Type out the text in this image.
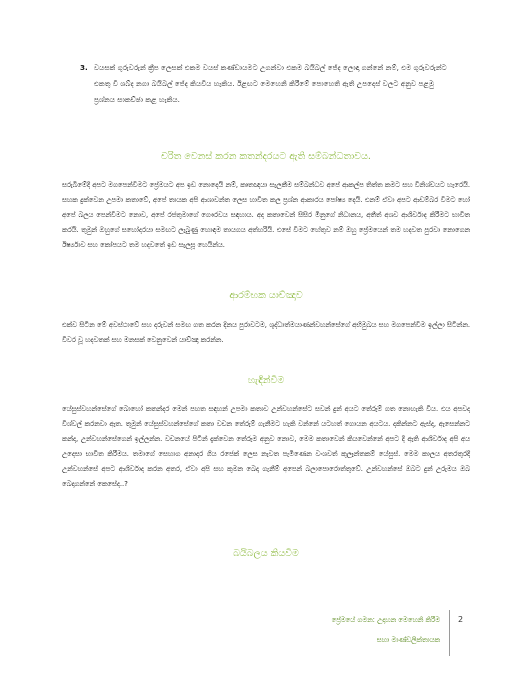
3. වයසක් ගුරුවරුන් ක්‍රීප ලෙසක් එකම වයස් කණ්ඩායමට උගන්වා එකම බයිබල් ජේද ලොඳා ගන්නේ නම්, එම ගුරුවරුන්ට එකතු වී ශබ්ද නගා බයිබල් ජේද කියවිය හැකිය. ඊළඟට මෙහෙනි කිරීමේ පොහෙති ඇති උපදෙස් වලට අනුව පළමු ප්‍රශ්නය සාකච්ඡා කළ හැකිය.
චරිත වෙනස් කරන කතන්දරයට ඇති සම්බන්ධතාවය.
සරුබිමේදී අපට මගපෙන්වීමට ප්‍රේමයට අප ඉඩ නොදෙයි නම්, කෘතඥයා සැලකීම සම්බන්ධව අපේ ආකල්ප තිත්ත කමට සහ විනිශ්චයට හැරෙයි. සහක දුක්වෙන උපමා කතාවේ, අපේ තායක අපි ආශාවන්ත ලෙස හාවිත කල ප්‍රශ්න ආකාරය පෝෂ්‍ය දෙයි. එනම් ඒවා අපට ආඩම්බර වීමට හෝ අපේ බලය පෙන්වීමට නොව, අපේ රජතුමාගේ ගෞරවය සඳහාය. අද කතාවෙන් සිසිර මිනුගේ නිධානය, අතීත් අශව ආශිර්වාද කිරීමට භාවිත කරයි. තුමුන් ඔහුගේ සහෝදරයා සමඟට ලැබුණු හොඳම තායගය අත්හරියි. එසේ වීමට හේතුව නම් ඔහු ප්‍රේමයෙන් තම හදවත පුරවා නොගෙන ඊර්ෂ්‍යාව සහ කෝපයට තම හදවතේ ඉඩ සැලසූ හෙයින්ය.
ආරම්භක යාච්ඤාව
එක්ව සිටින මේ අවස්ථාවේ සහ දරුවන් සමඟ ගත කරන දිනය පුරාවටම, ශුද්ධාත්මයාණන්වහන්සේගේ අභිමුඛය සහ මගපෙන්වීම ඉල්ලා සිටින්න. විවර වූ හදවතක් සහ මනසක් වෙනුවෙන් යාච්ඤා කරන්න.
හැඳින්වීම
යේසුස්වහන්සේගේ බොහෝ කතන්දර මෙන් පහත සඳහන් උපමා කතාව උන්වහන්සේට සවන් දුන් අයට තේරුම් ගත නොහැකි විය. එය අපවද විශ්වල් කරනවා ඇත. තුමුන් යේසුස්වහන්සේගේ කතා වචන තේරුම් ගැනීමට හැකි වන්නේ යටහත් ගොයන අයටය. දකින්නට ඇස්ද, ඇසෙන්නට කන්ද, උන්වහන්සේගෙන් ඉල්ලන්න. වචනයේ පිටින් දැක්වෙන තේරුම අනුව නොව, මෙම කතාවෙන් කියවෙන්නේ අපට දී ඇති ආශිර්වාද අපි අය උදෙසා භාවිත කිරීමය. තමාගේ සෙහාග අනාදර ගිය රජෙක් ලෙස නැවත පැමිණෙන වංශවත් කුලෑන්තකම් යේසුස්. මෙම කාලය අතරතුරදී උන්වහන්සේ අපට ආශිර්වාද කරන අතර, ඒවා අපි සහ කුමන බෙදා ගැනීම් අපෙන් බලාපොරොත්තුවේ. උන්වහන්සේ ඔබට දුන් උරුමය ඔබ බෙදාගන්නේ කෙසේද..?
බයිබලය කියවීම
ප්‍රේමයේ ගමන: උදාහන මෙහෙනි කිරීම
සහා මාණ්ඩලික්තායක
2
